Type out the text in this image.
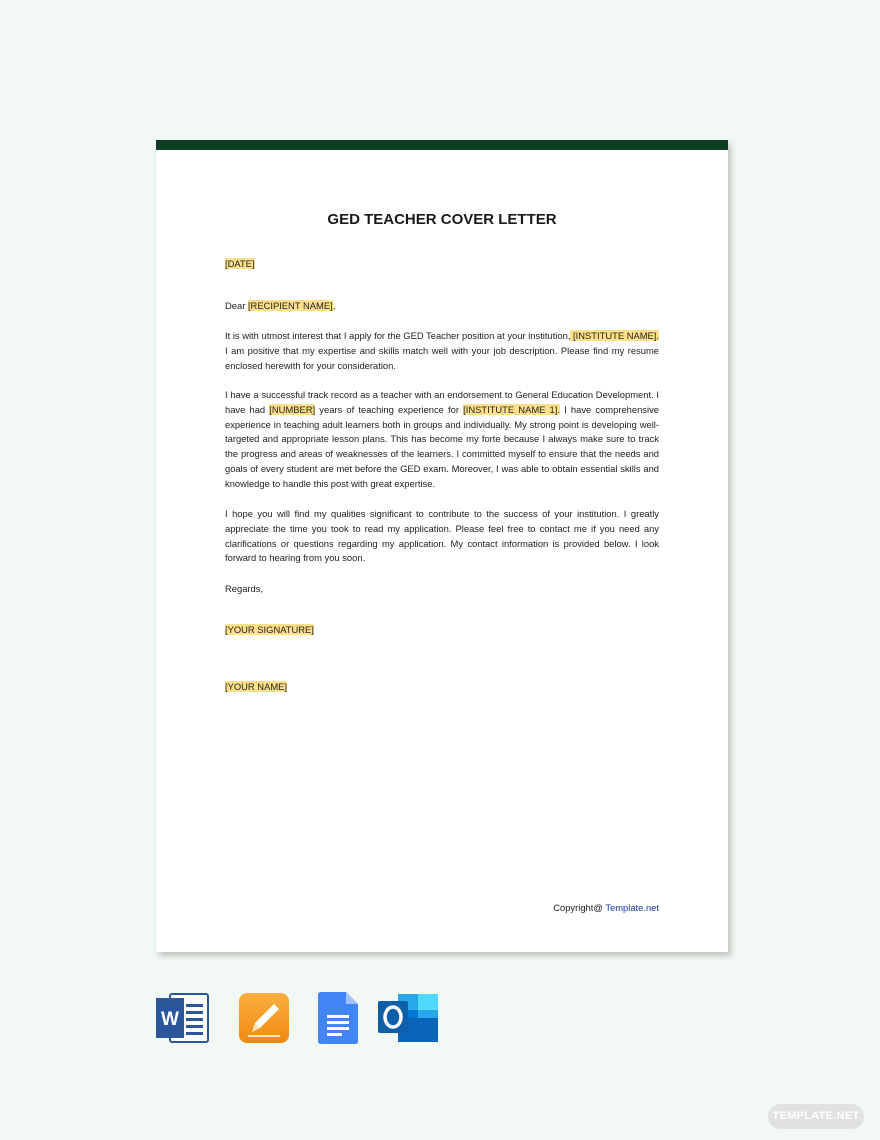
GED TEACHER COVER LETTER

[DATE]

Dear [RECIPIENT NAME],

It is with utmost interest that I apply for the GED Teacher position at your institution, [INSTITUTE NAME]. I am positive that my expertise and skills match well with your job description. Please find my resume enclosed herewith for your consideration.

I have a successful track record as a teacher with an endorsement to General Education Development. I have had [NUMBER] years of teaching experience for [INSTITUTE NAME 1]. I have comprehensive experience in teaching adult learners both in groups and individually. My strong point is developing well-targeted and appropriate lesson plans. This has become my forte because I always make sure to track the progress and areas of weaknesses of the learners. I committed myself to ensure that the needs and goals of every student are met before the GED exam. Moreover, I was able to obtain essential skills and knowledge to handle this post with great expertise.

I hope you will find my qualities significant to contribute to the success of your institution. I greatly appreciate the time you took to read my application. Please feel free to contact me if you need any clarifications or questions regarding my application. My contact information is provided below. I look forward to hearing from you soon.

Regards,

[YOUR SIGNATURE]

[YOUR NAME]

Copyright@ Template.net
W
TEMPLATE.NET
